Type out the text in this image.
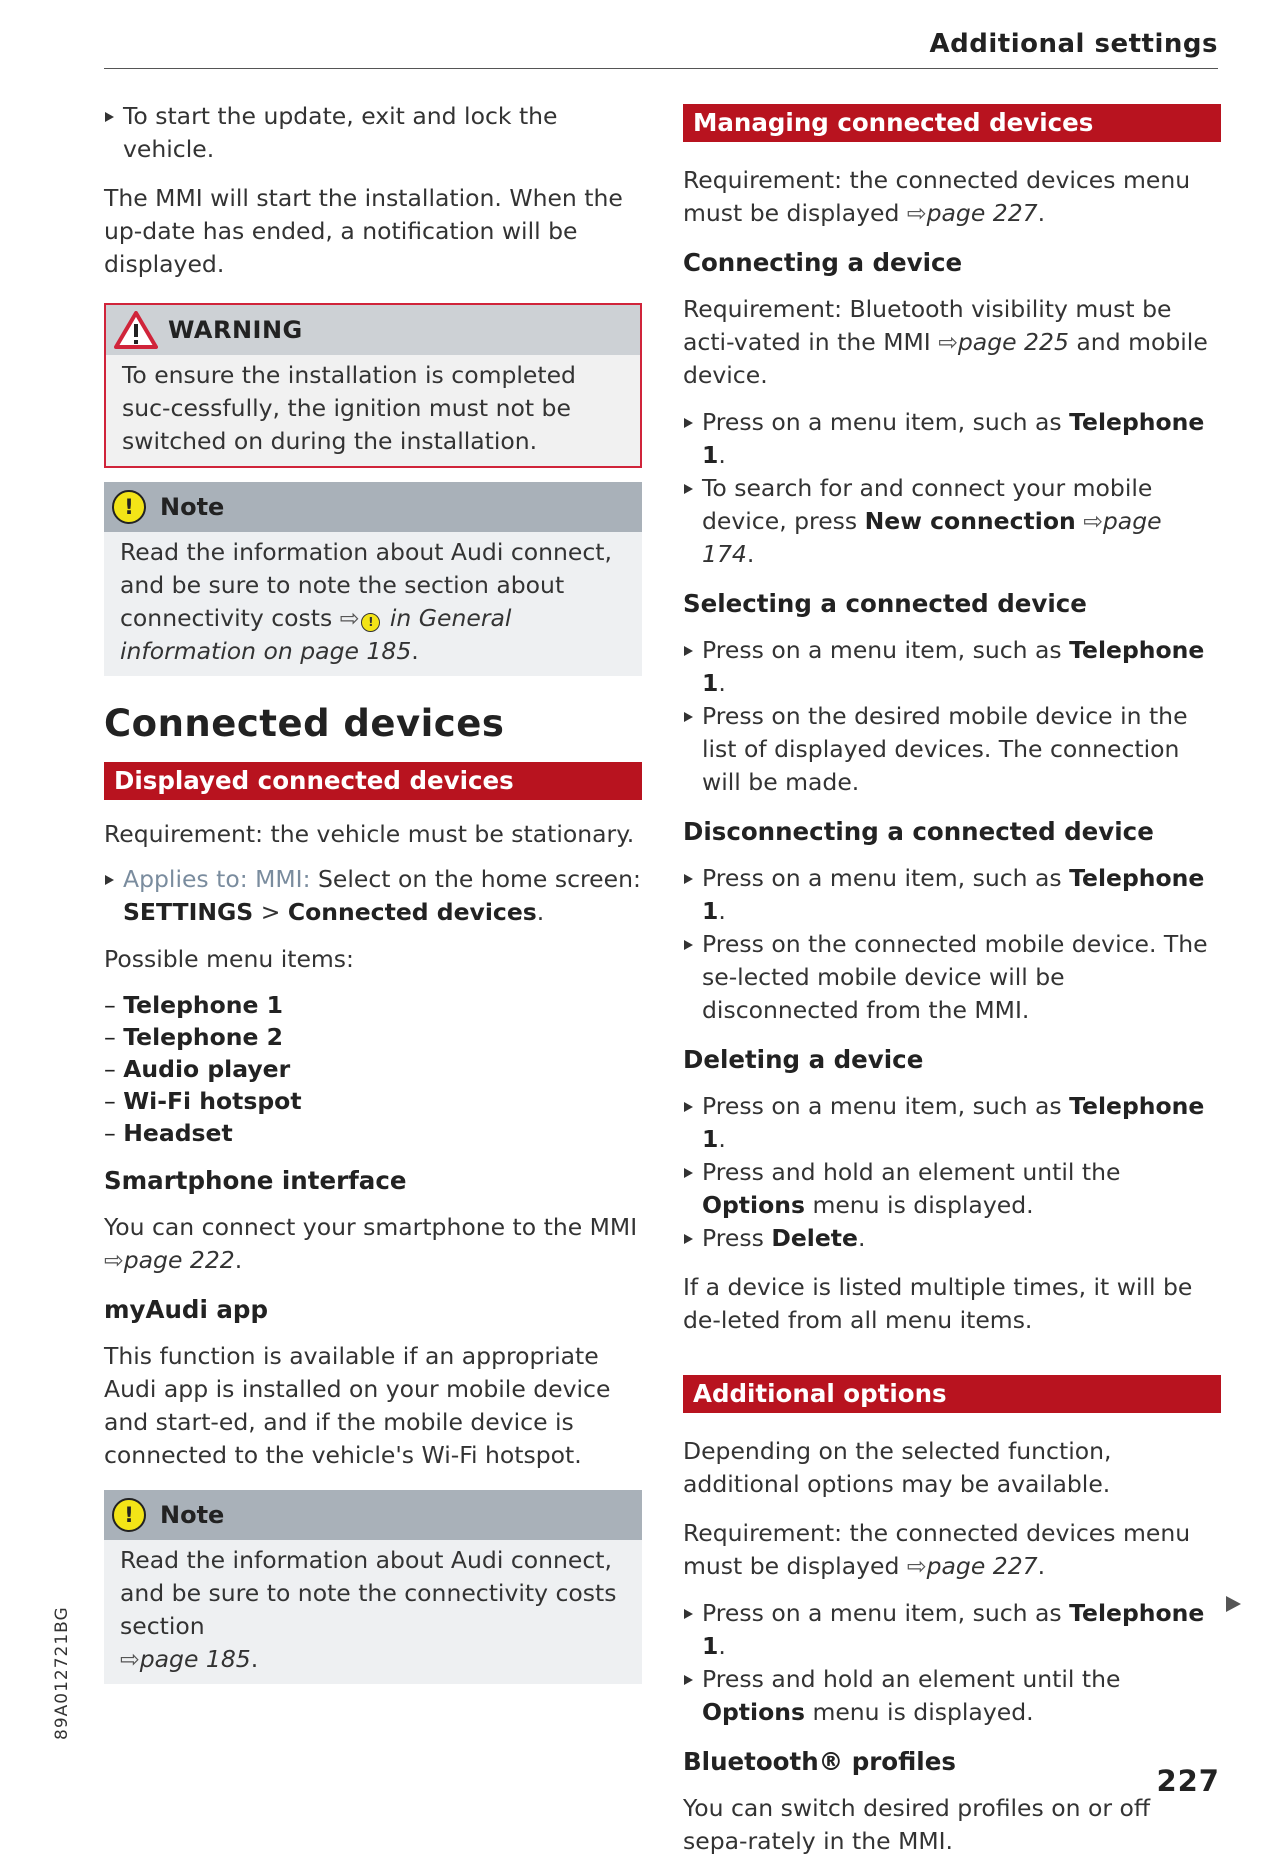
Additional settings

To start the update, exit and lock the vehicle.

The MMI will start the installation. When the up-date has ended, a notification will be displayed.

WARNING
To ensure the installation is completed suc-cessfully, the ignition must not be switched on during the installation.
!	Note
Read the information about Audi connect, and be sure to note the section about connectivity costs ⇨ ! in General information on page 185.
Connected devices
Displayed connected devices

Requirement: the vehicle must be stationary.

Applies to: MMI: Select on the home screen:
SETTINGS > Connected devices.

Possible menu items:

– Telephone 1
– Telephone 2
– Audio player
– Wi-Fi hotspot
– Headset
Smartphone interface

You can connect your smartphone to the MMI
⇨page 222.

myAudi app

This function is available if an appropriate Audi app is installed on your mobile device and start-ed, and if the mobile device is connected to the vehicle's Wi-Fi hotspot.

!	Note
Read the information about Audi connect, and be sure to note the connectivity costs section
⇨page 185.
Managing connected devices

Requirement: the connected devices menu must be displayed ⇨page 227.

Connecting a device

Requirement: Bluetooth visibility must be acti-vated in the MMI ⇨page 225 and mobile device.

Press on a menu item, such as Telephone 1.

To search for and connect your mobile device, press New connection ⇨page 174.

Selecting a connected device

Press on a menu item, such as Telephone 1.

Press on the desired mobile device in the list of displayed devices. The connection will be made.

Disconnecting a connected device

Press on a menu item, such as Telephone 1.

Press on the connected mobile device. The se-lected mobile device will be disconnected from the MMI.

Deleting a device

Press on a menu item, such as Telephone 1.

Press and hold an element until the Options menu is displayed.

Press Delete.

If a device is listed multiple times, it will be de-leted from all menu items.

Additional options

Depending on the selected function, additional options may be available.

Requirement: the connected devices menu must be displayed ⇨page 227.

Press on a menu item, such as Telephone 1.

Press and hold an element until the Options menu is displayed.

Bluetooth® profiles

You can switch desired profiles on or off sepa-rately in the MMI.

89A012721BG
227
